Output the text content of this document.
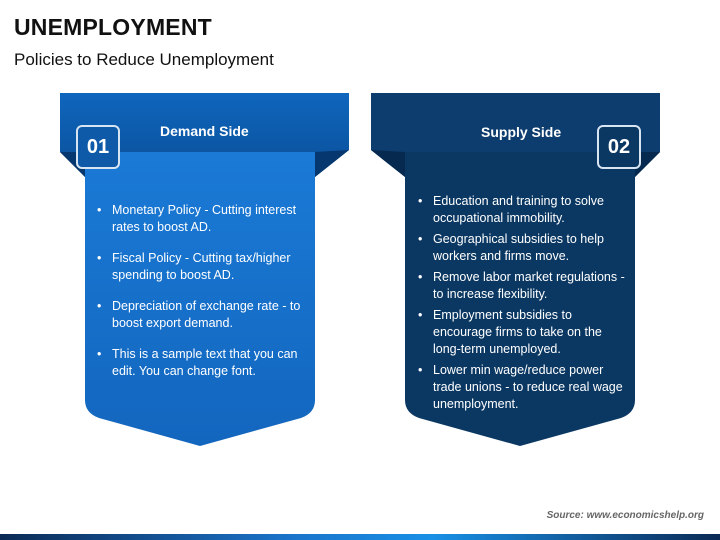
UNEMPLOYMENT
Policies to Reduce Unemployment
01
Demand Side
• Monetary Policy - Cutting interest rates to boost AD.
• Fiscal Policy - Cutting tax/higher spending to boost AD.
• Depreciation of exchange rate - to boost export demand.
• This is a sample text that you can edit. You can change font.
02
Supply Side
• Education and training to solve occupational immobility.
• Geographical subsidies to help workers and firms move.
• Remove labor market regulations - to increase flexibility.
• Employment subsidies to encourage firms to take on the long-term unemployed.
• Lower min wage/reduce power trade unions - to reduce real wage unemployment.
Source: www.economicshelp.org
